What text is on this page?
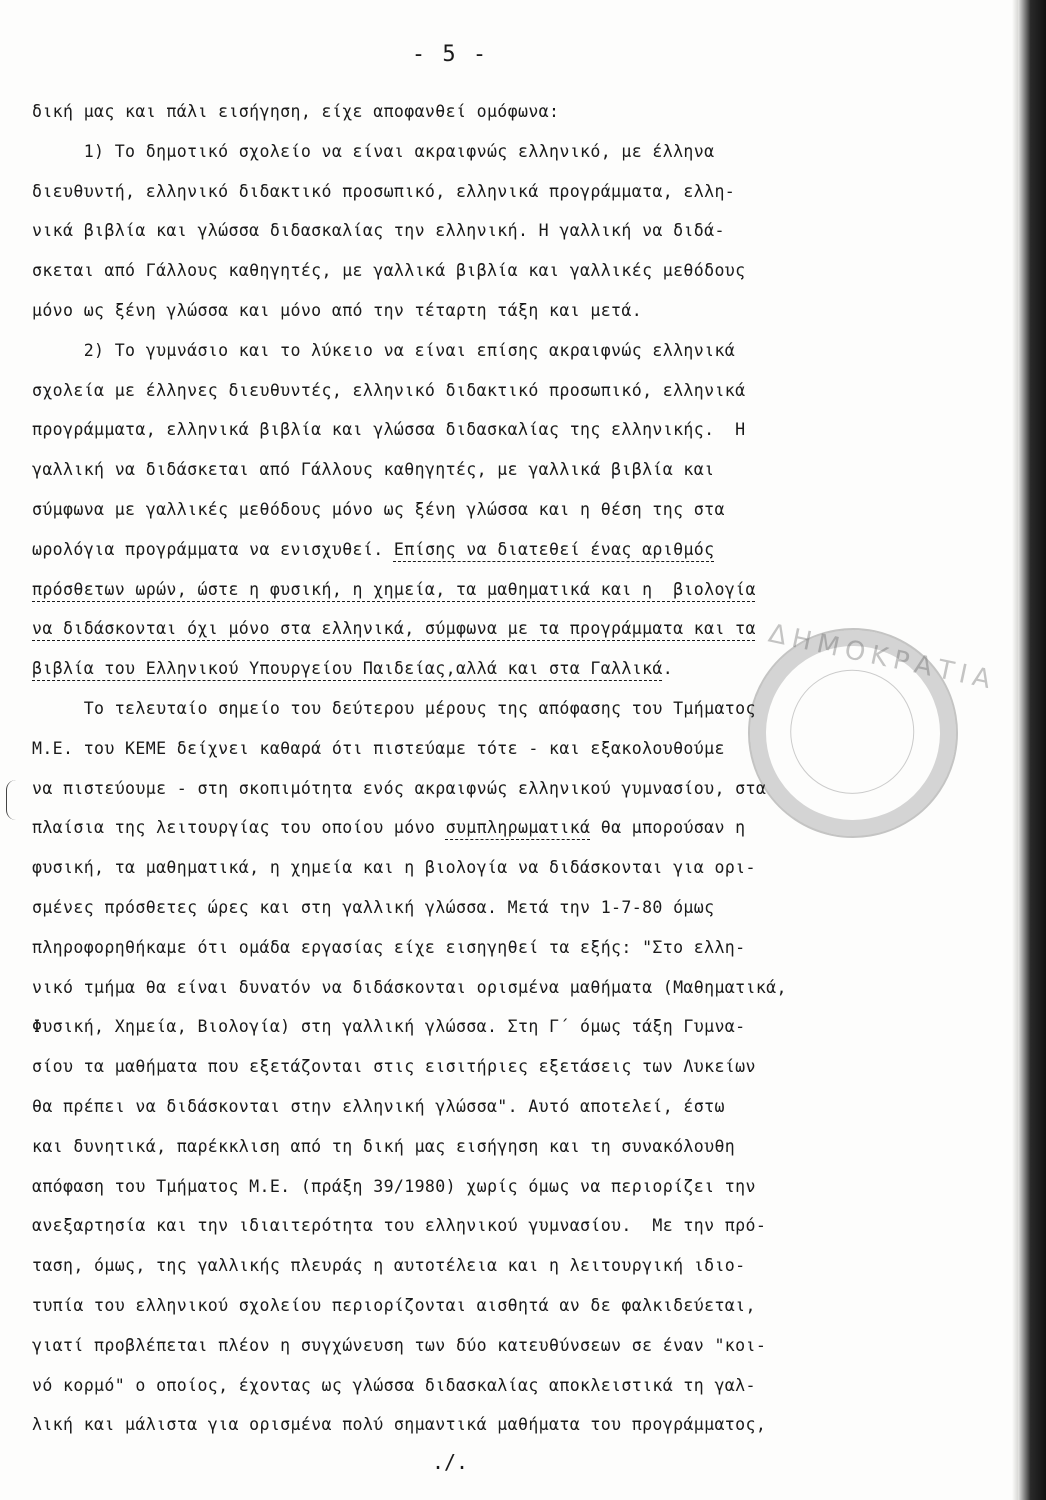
- 5 -
ΔΗΜΟΚΡΑΤΙΑ
δική μας και πάλι εισήγηση, είχε αποφανθεί ομόφωνα:
1) Το δημοτικό σχολείο να είναι ακραιφνώς ελληνικό, με έλληνα
διευθυντή, ελληνικό διδακτικό προσωπικό, ελληνικά προγράμματα, ελλη-
νικά βιβλία και γλώσσα διδασκαλίας την ελληνική. Η γαλλική να διδά-
σκεται από Γάλλους καθηγητές, με γαλλικά βιβλία και γαλλικές μεθόδους
μόνο ως ξένη γλώσσα και μόνο από την τέταρτη τάξη και μετά.
2) Το γυμνάσιο και το λύκειο να είναι επίσης ακραιφνώς ελληνικά
σχολεία με έλληνες διευθυντές, ελληνικό διδακτικό προσωπικό, ελληνικά
προγράμματα, ελληνικά βιβλία και γλώσσα διδασκαλίας της ελληνικής.  Η
γαλλική να διδάσκεται από Γάλλους καθηγητές, με γαλλικά βιβλία και
σύμφωνα με γαλλικές μεθόδους μόνο ως ξένη γλώσσα και η θέση της στα
ωρολόγια προγράμματα να ενισχυθεί. Επίσης να διατεθεί ένας αριθμός
πρόσθετων ωρών, ώστε η φυσική, η χημεία, τα μαθηματικά και η  βιολογία
να διδάσκονται όχι μόνο στα ελληνικά, σύμφωνα με τα προγράμματα και τα
βιβλία του Ελληνικού Υπουργείου Παιδείας,αλλά και στα Γαλλικά.
Το τελευταίο σημείο του δεύτερου μέρους της απόφασης του Τμήματος
Μ.Ε. του ΚΕΜΕ δείχνει καθαρά ότι πιστεύαμε τότε - και εξακολουθούμε
να πιστεύουμε - στη σκοπιμότητα ενός ακραιφνώς ελληνικού γυμνασίου, στα
πλαίσια της λειτουργίας του οποίου μόνο συμπληρωματικά θα μπορούσαν η
φυσική, τα μαθηματικά, η χημεία και η βιολογία να διδάσκονται για ορι-
σμένες πρόσθετες ώρες και στη γαλλική γλώσσα. Μετά την 1-7-80 όμως
πληροφορηθήκαμε ότι ομάδα εργασίας είχε εισηγηθεί τα εξής: "Στο ελλη-
νικό τμήμα θα είναι δυνατόν να διδάσκονται ορισμένα μαθήματα (Μαθηματικά,
Φυσική, Χημεία, Βιολογία) στη γαλλική γλώσσα. Στη Γ΄ όμως τάξη Γυμνα-
σίου τα μαθήματα που εξετάζονται στις εισιτήριες εξετάσεις των Λυκείων
θα πρέπει να διδάσκονται στην ελληνική γλώσσα". Αυτό αποτελεί, έστω
και δυνητικά, παρέκκλιση από τη δική μας εισήγηση και τη συνακόλουθη
απόφαση του Τμήματος Μ.Ε. (πράξη 39/1980) χωρίς όμως να περιορίζει την
ανεξαρτησία και την ιδιαιτερότητα του ελληνικού γυμνασίου.  Με την πρό-
ταση, όμως, της γαλλικής πλευράς η αυτοτέλεια και η λειτουργική ιδιο-
τυπία του ελληνικού σχολείου περιορίζονται αισθητά αν δε φαλκιδεύεται,
γιατί προβλέπεται πλέον η συγχώνευση των δύο κατευθύνσεων σε έναν "κοι-
νό κορμό" ο οποίος, έχοντας ως γλώσσα διδασκαλίας αποκλειστικά τη γαλ-
λική και μάλιστα για ορισμένα πολύ σημαντικά μαθήματα του προγράμματος,
./.
